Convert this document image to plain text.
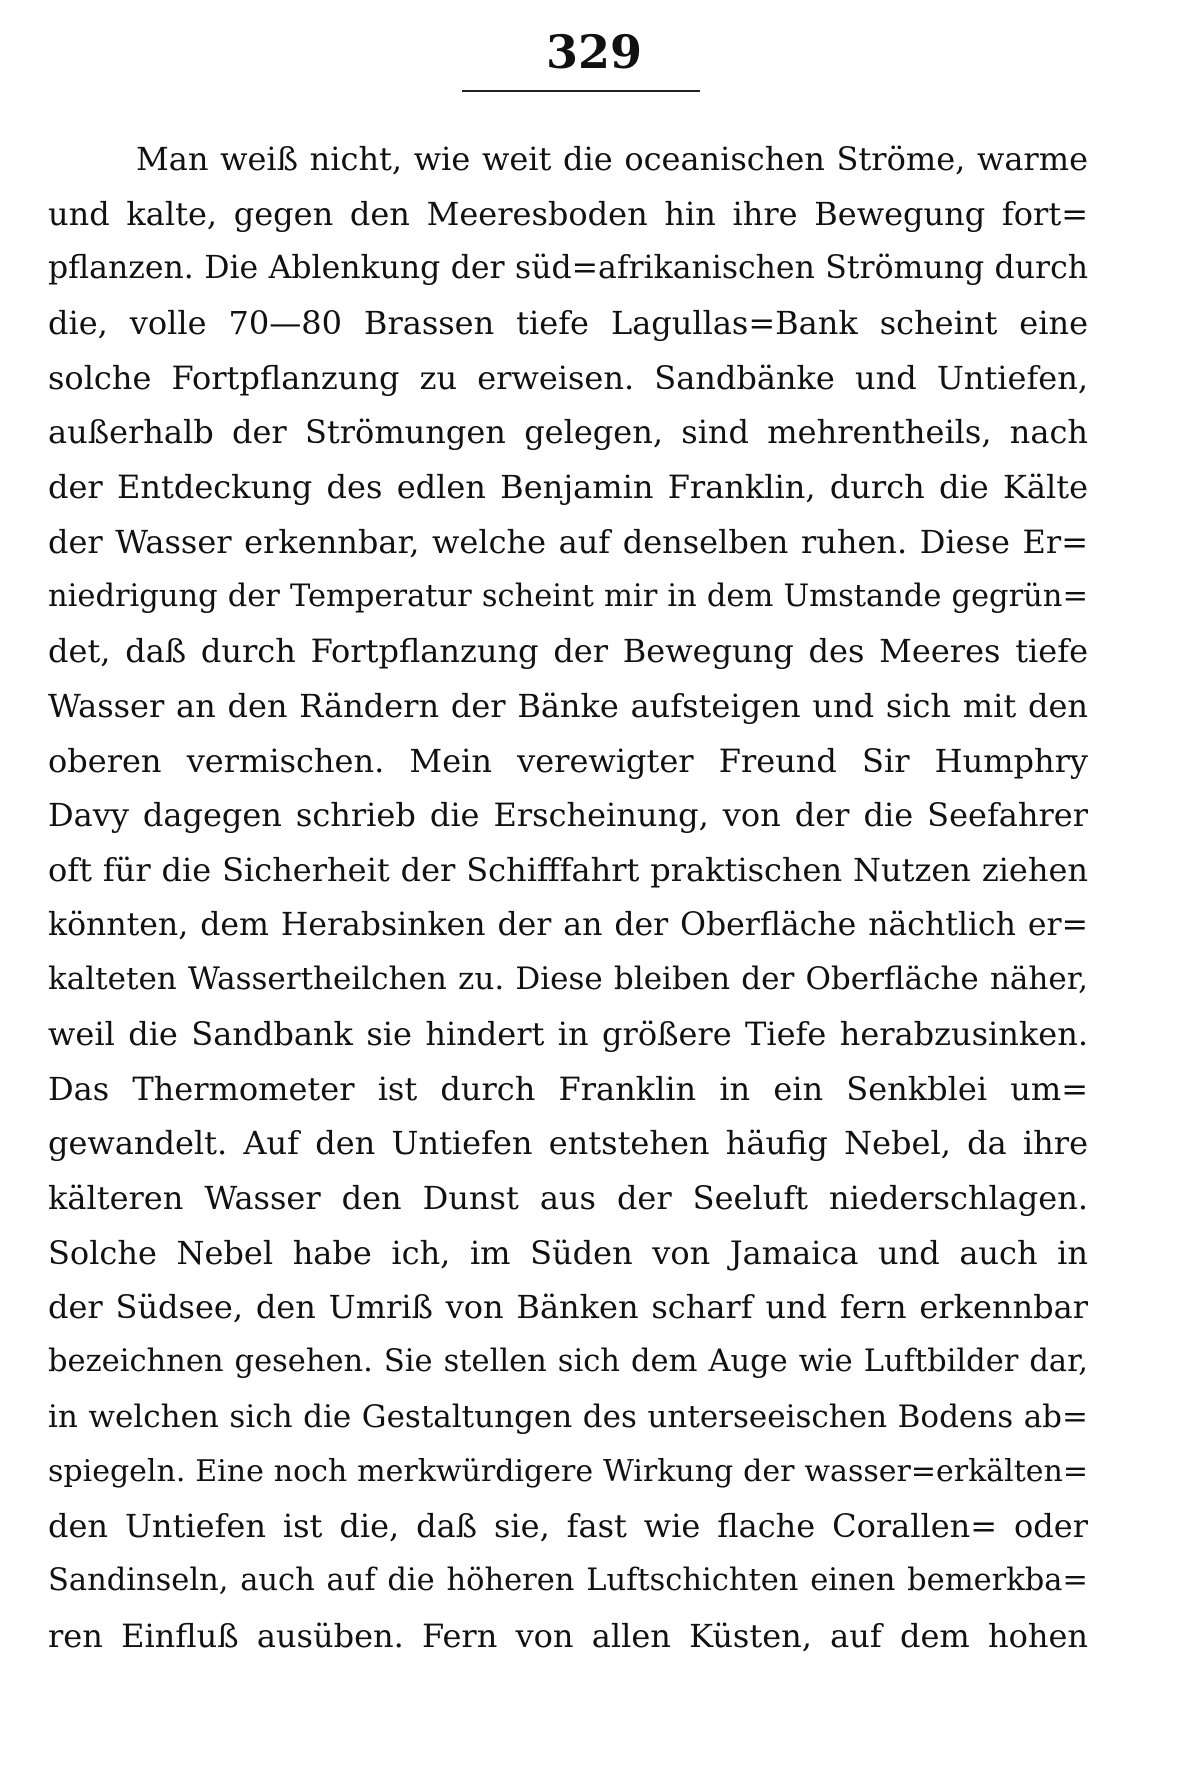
329
Man weiß nicht, wie weit die oceanischen Ströme, warme
und kalte, gegen den Meeresboden hin ihre Bewegung fort=
pflanzen. Die Ablenkung der süd=afrikanischen Strömung durch
die, volle 70—80 Brassen tiefe Lagullas=Bank scheint eine
solche Fortpflanzung zu erweisen. Sandbänke und Untiefen,
außerhalb der Strömungen gelegen, sind mehrentheils, nach
der Entdeckung des edlen Benjamin Franklin, durch die Kälte
der Wasser erkennbar, welche auf denselben ruhen. Diese Er=
niedrigung der Temperatur scheint mir in dem Umstande gegrün=
det, daß durch Fortpflanzung der Bewegung des Meeres tiefe
Wasser an den Rändern der Bänke aufsteigen und sich mit den
oberen vermischen. Mein verewigter Freund Sir Humphry
Davy dagegen schrieb die Erscheinung, von der die Seefahrer
oft für die Sicherheit der Schifffahrt praktischen Nutzen ziehen
könnten, dem Herabsinken der an der Oberfläche nächtlich er=
kalteten Wassertheilchen zu. Diese bleiben der Oberfläche näher,
weil die Sandbank sie hindert in größere Tiefe herabzusinken.
Das Thermometer ist durch Franklin in ein Senkblei um=
gewandelt. Auf den Untiefen entstehen häufig Nebel, da ihre
kälteren Wasser den Dunst aus der Seeluft niederschlagen.
Solche Nebel habe ich, im Süden von Jamaica und auch in
der Südsee, den Umriß von Bänken scharf und fern erkennbar
bezeichnen gesehen. Sie stellen sich dem Auge wie Luftbilder dar,
in welchen sich die Gestaltungen des unterseeischen Bodens ab=
spiegeln. Eine noch merkwürdigere Wirkung der wasser=erkälten=
den Untiefen ist die, daß sie, fast wie flache Corallen= oder
Sandinseln, auch auf die höheren Luftschichten einen bemerkba=
ren Einfluß ausüben. Fern von allen Küsten, auf dem hohen
